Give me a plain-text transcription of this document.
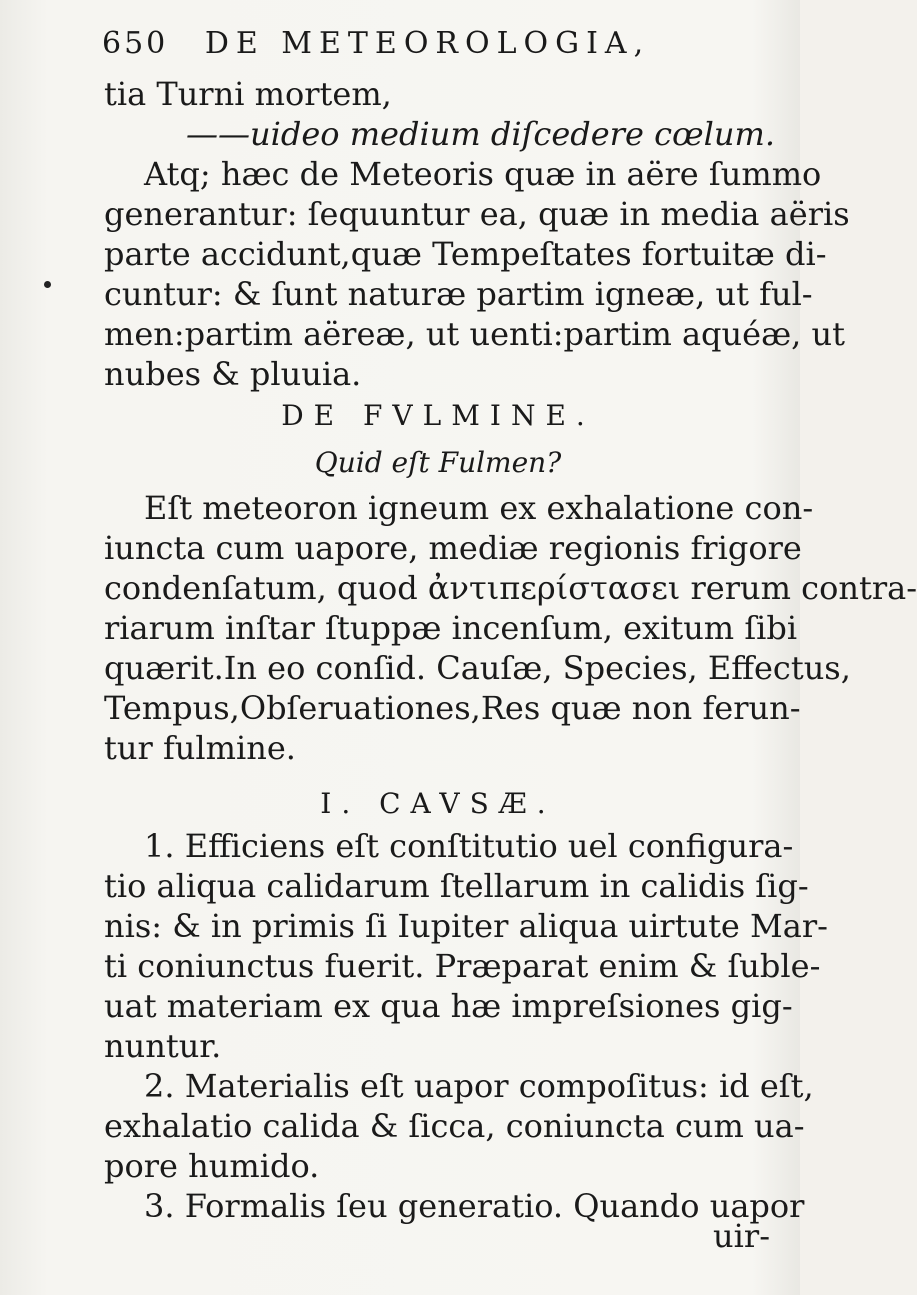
650 DE METEOROLOGIA,
tia Turni mortem,
——uideo medium diſcedere cœlum.
Atq; hæc de Meteoris quæ in aëre ſummo
generantur: ſequuntur ea, quæ in media aëris
parte accidunt,quæ Tempeſtates fortuitæ di-
cuntur: & ſunt naturæ partim igneæ, ut ful-
men:partim aëreæ, ut uenti:partim aquéæ, ut
nubes & pluuia.
DE FVLMINE.
Quid eſt Fulmen?
Eſt meteoron igneum ex exhalatione con-
iuncta cum uapore, mediæ regionis frigore
condenſatum, quod ἀντιπερίστασει rerum contra-
riarum inſtar ſtuppæ incenſum, exitum ſibi
quærit.In eo conſid. Cauſæ, Species, Effectus,
Tempus,Obſeruationes,Res quæ non ferun-
tur fulmine.
I. CAVSÆ.
1. Efficiens eſt conſtitutio uel configura-
tio aliqua calidarum ſtellarum in calidis ſig-
nis: & in primis ſi Iupiter aliqua uirtute Mar-
ti coniunctus fuerit. Præparat enim & ſuble-
uat materiam ex qua hæ impreſsiones gig-
nuntur.
2. Materialis eſt uapor compoſitus: id eſt,
exhalatio calida & ſicca, coniuncta cum ua-
pore humido.
3. Formalis ſeu generatio. Quando uapor
uir-
